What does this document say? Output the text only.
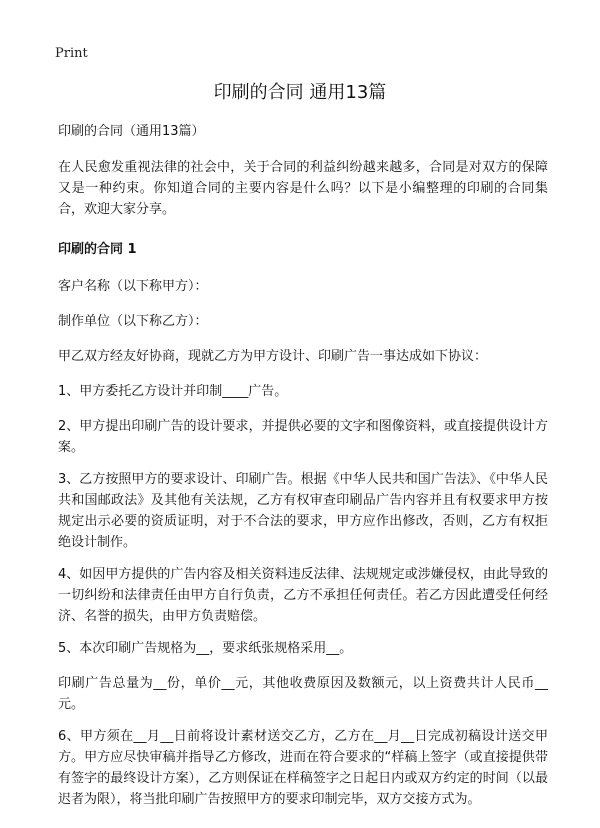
Print
印刷的合同 通用13篇

印刷的合同（通用13篇）

在人民愈发重视法律的社会中，关于合同的利益纠纷越来越多，合同是对双方的保障又是一种约束。你知道合同的主要内容是什么吗？以下是小编整理的印刷的合同集合，欢迎大家分享。

印刷的合同 1

客户名称（以下称甲方）：

制作单位（以下称乙方）：

甲乙双方经友好协商，现就乙方为甲方设计、印刷广告一事达成如下协议：

1、甲方委托乙方设计并印制____广告。

2、甲方提出印刷广告的设计要求，并提供必要的文字和图像资料，或直接提供设计方案。

3、乙方按照甲方的要求设计、印刷广告。根据《中华人民共和国广告法》、《中华人民共和国邮政法》及其他有关法规，乙方有权审查印刷品广告内容并且有权要求甲方按规定出示必要的资质证明，对于不合法的要求，甲方应作出修改，否则，乙方有权拒绝设计制作。

4、如因甲方提供的广告内容及相关资料违反法律、法规规定或涉嫌侵权，由此导致的一切纠纷和法律责任由甲方自行负责，乙方不承担任何责任。若乙方因此遭受任何经济、名誉的损失，由甲方负责赔偿。

5、本次印刷广告规格为__，要求纸张规格采用__。

印刷广告总量为__份，单价__元，其他收费原因及数额元，以上资费共计人民币__元。

6、甲方须在__月__日前将设计素材送交乙方，乙方在__月__日完成初稿设计送交甲方。甲方应尽快审稿并指导乙方修改，进而在符合要求的“样稿上签字（或直接提供带有签字的最终设计方案），乙方则保证在样稿签字之日起日内或双方约定的时间（以最迟者为限），将当批印刷广告按照甲方的要求印制完毕，双方交接方式为。
